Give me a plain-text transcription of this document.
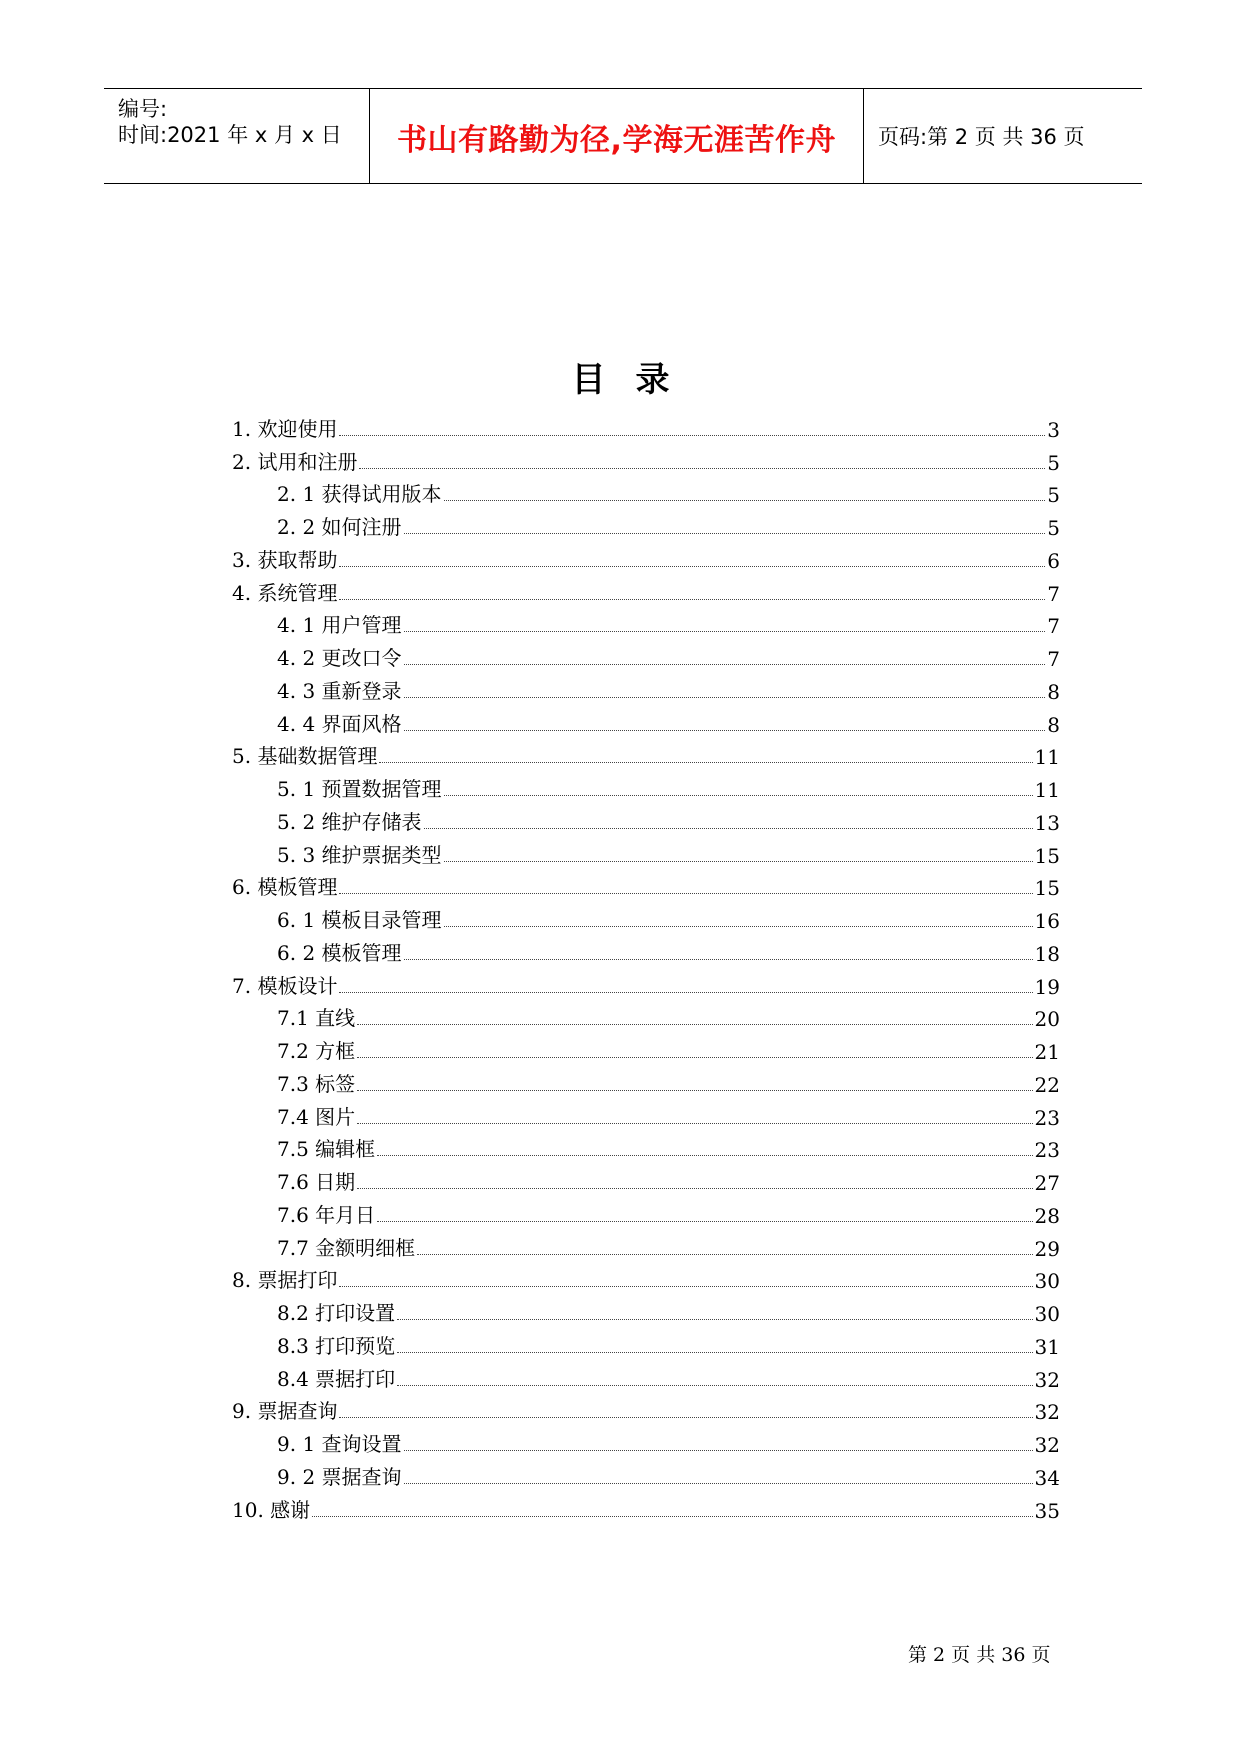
编号:
时间:2021 年 x 月 x 日	书山有路勤为径,学海无涯苦作舟	页码:第 2 页 共 36 页
目录
1. 欢迎使用	3
2. 试用和注册	5
2. 1 获得试用版本	5
2. 2 如何注册	5
3. 获取帮助	6
4. 系统管理	7
4. 1 用户管理	7
4. 2 更改口令	7
4. 3 重新登录	8
4. 4 界面风格	8
5. 基础数据管理	11
5. 1 预置数据管理	11
5. 2 维护存储表	13
5. 3 维护票据类型	15
6. 模板管理	15
6. 1 模板目录管理	16
6. 2 模板管理	18
7. 模板设计	19
7.1 直线	20
7.2 方框	21
7.3 标签	22
7.4 图片	23
7.5 编辑框	23
7.6 日期	27
7.6 年月日	28
7.7 金额明细框	29
8. 票据打印	30
8.2 打印设置	30
8.3 打印预览	31
8.4 票据打印	32
9. 票据查询	32
9. 1 查询设置	32
9. 2 票据查询	34
10. 感谢	35
第 2 页 共 36 页
